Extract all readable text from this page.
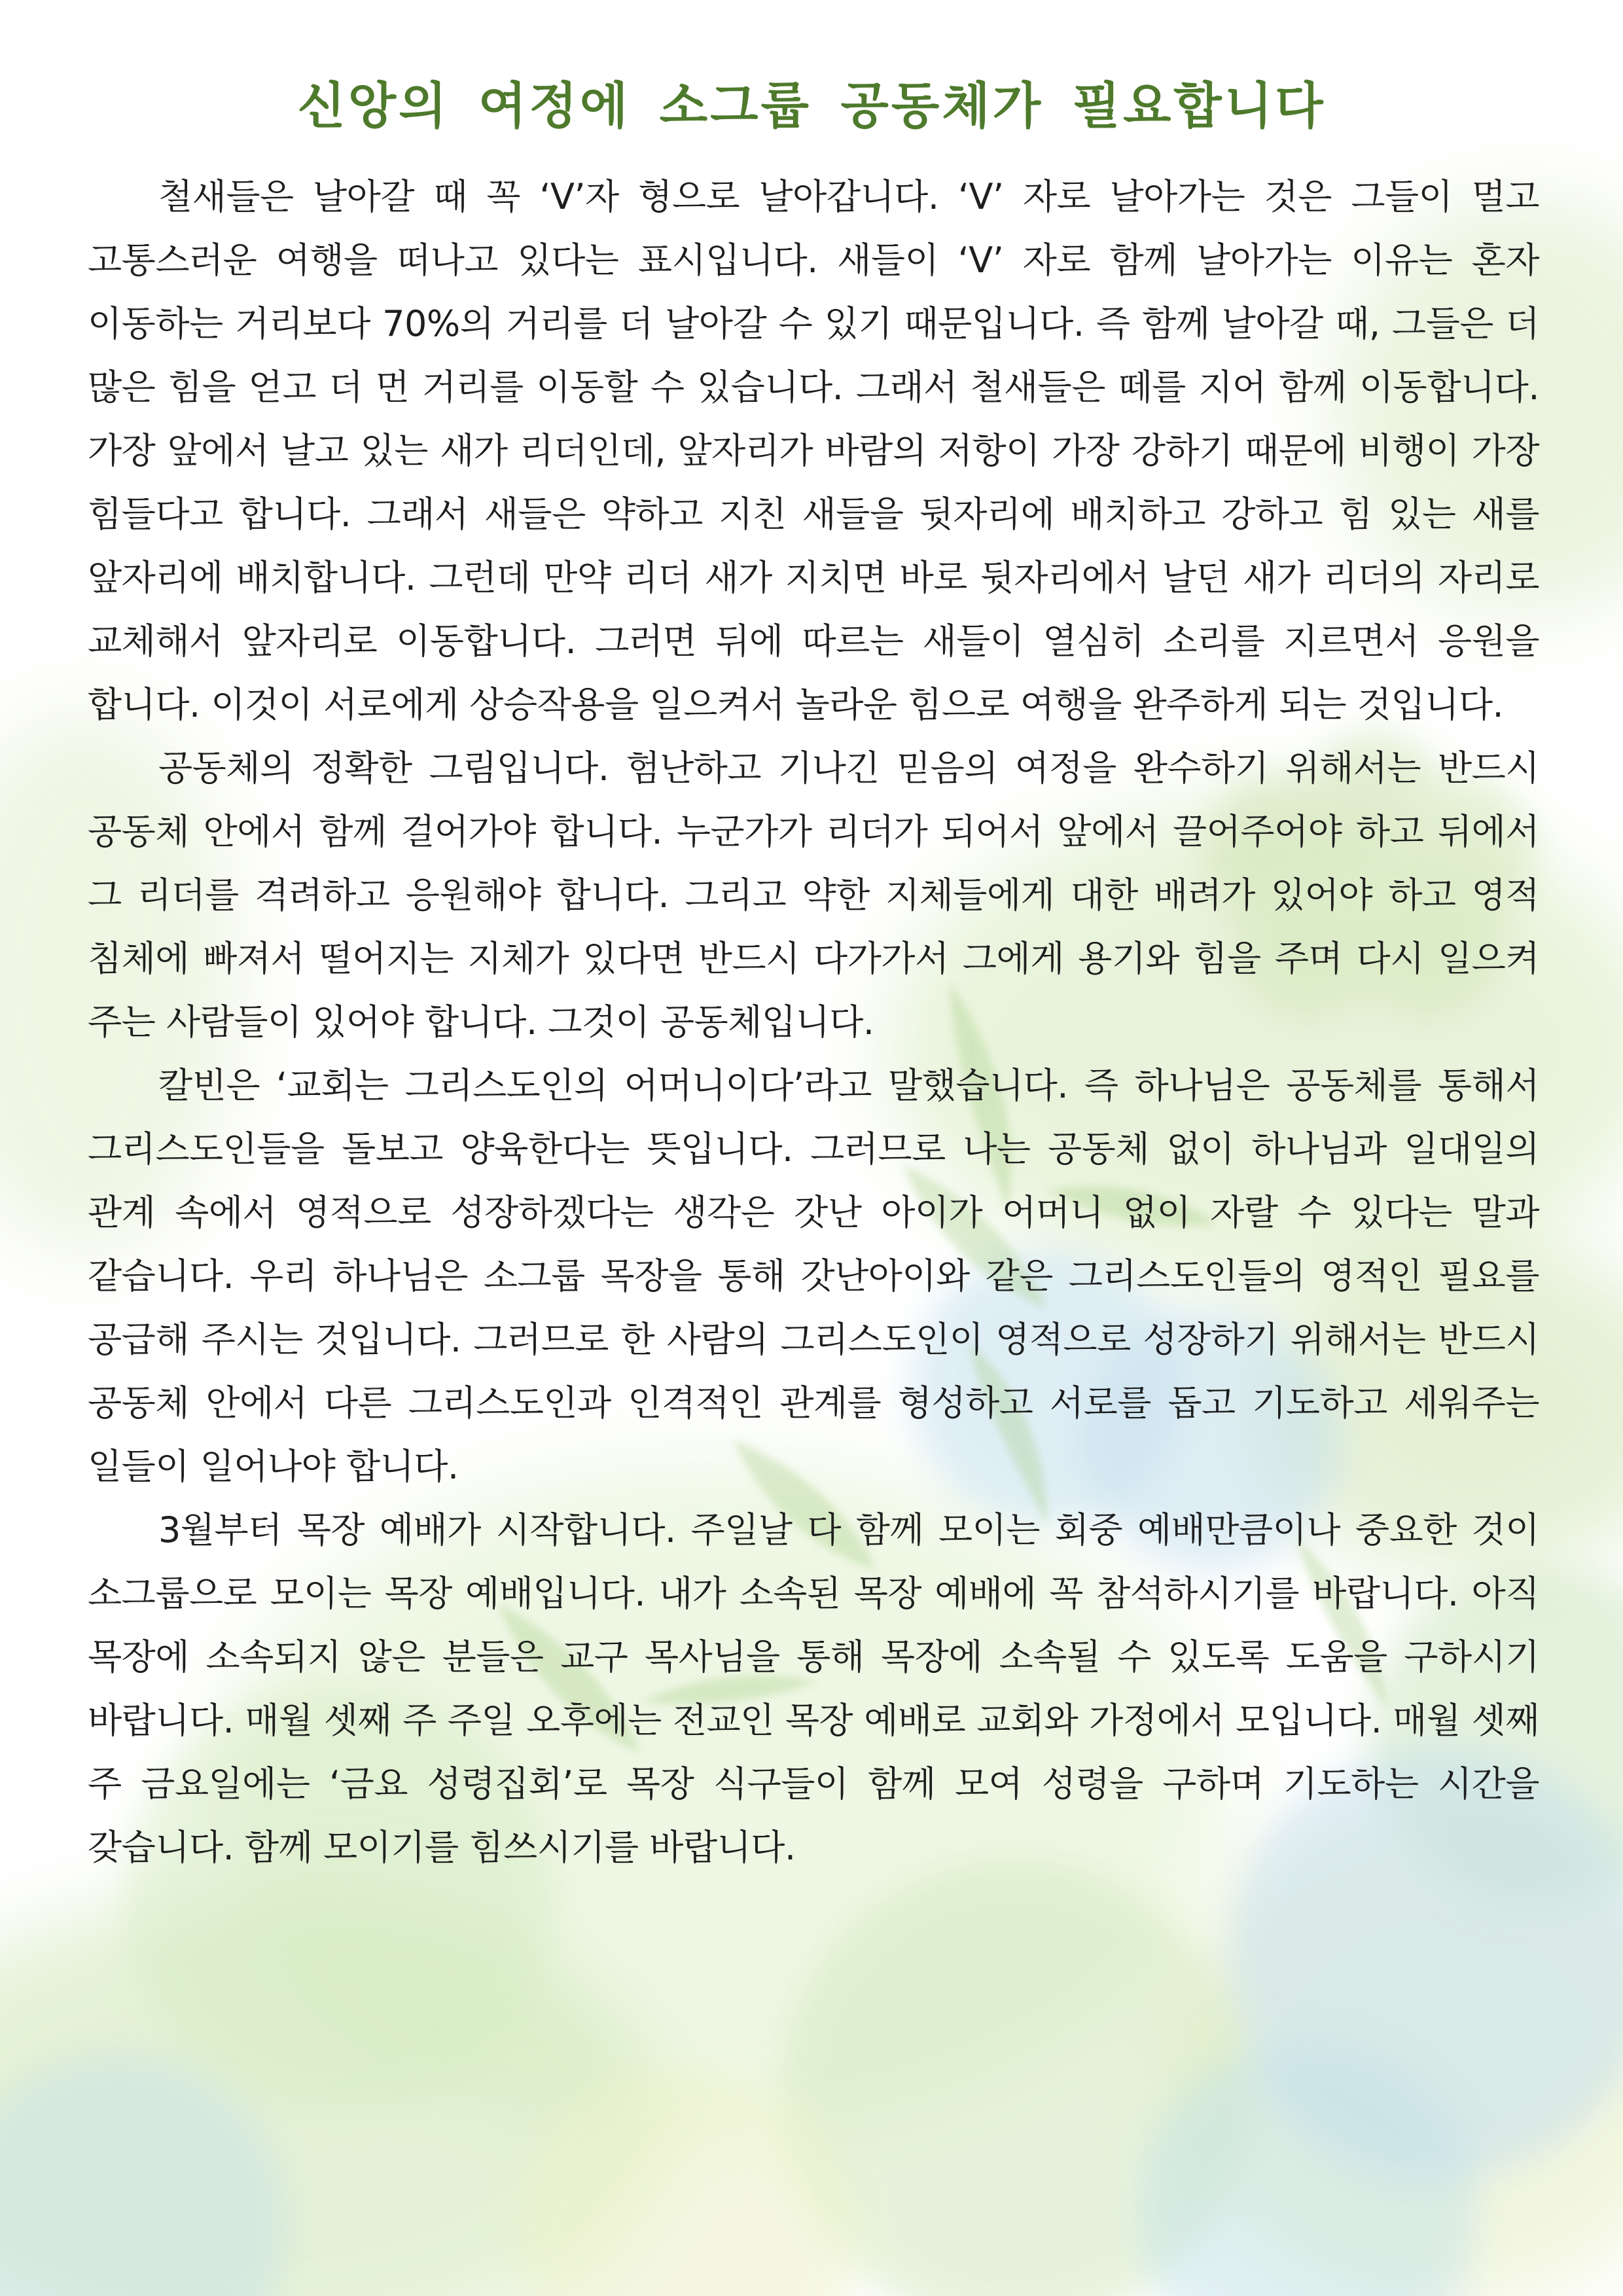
신앙의 여정에 소그룹 공동체가 필요합니다

철새들은 날아갈 때 꼭 ‘V’자 형으로 날아갑니다. ‘V’ 자로 날아가는 것은 그들이 멀고 고통스러운 여행을 떠나고 있다는 표시입니다. 새들이 ‘V’ 자로 함께 날아가는 이유는 혼자 이동하는 거리보다 70%의 거리를 더 날아갈 수 있기 때문입니다. 즉 함께 날아갈 때, 그들은 더 많은 힘을 얻고 더 먼 거리를 이동할 수 있습니다. 그래서 철새들은 떼를 지어 함께 이동합니다. 가장 앞에서 날고 있는 새가 리더인데, 앞자리가 바람의 저항이 가장 강하기 때문에 비행이 가장 힘들다고 합니다. 그래서 새들은 약하고 지친 새들을 뒷자리에 배치하고 강하고 힘 있는 새를 앞자리에 배치합니다. 그런데 만약 리더 새가 지치면 바로 뒷자리에서 날던 새가 리더의 자리로 교체해서 앞자리로 이동합니다. 그러면 뒤에 따르는 새들이 열심히 소리를 지르면서 응원을 합니다. 이것이 서로에게 상승작용을 일으켜서 놀라운 힘으로 여행을 완주하게 되는 것입니다.

공동체의 정확한 그림입니다. 험난하고 기나긴 믿음의 여정을 완수하기 위해서는 반드시 공동체 안에서 함께 걸어가야 합니다. 누군가가 리더가 되어서 앞에서 끌어주어야 하고 뒤에서 그 리더를 격려하고 응원해야 합니다. 그리고 약한 지체들에게 대한 배려가 있어야 하고 영적 침체에 빠져서 떨어지는 지체가 있다면 반드시 다가가서 그에게 용기와 힘을 주며 다시 일으켜 주는 사람들이 있어야 합니다. 그것이 공동체입니다.

칼빈은 ‘교회는 그리스도인의 어머니이다’라고 말했습니다. 즉 하나님은 공동체를 통해서 그리스도인들을 돌보고 양육한다는 뜻입니다. 그러므로 나는 공동체 없이 하나님과 일대일의 관계 속에서 영적으로 성장하겠다는 생각은 갓난 아이가 어머니 없이 자랄 수 있다는 말과 같습니다. 우리 하나님은 소그룹 목장을 통해 갓난아이와 같은 그리스도인들의 영적인 필요를 공급해 주시는 것입니다. 그러므로 한 사람의 그리스도인이 영적으로 성장하기 위해서는 반드시 공동체 안에서 다른 그리스도인과 인격적인 관계를 형성하고 서로를 돕고 기도하고 세워주는 일들이 일어나야 합니다.

3월부터 목장 예배가 시작합니다. 주일날 다 함께 모이는 회중 예배만큼이나 중요한 것이 소그룹으로 모이는 목장 예배입니다. 내가 소속된 목장 예배에 꼭 참석하시기를 바랍니다. 아직 목장에 소속되지 않은 분들은 교구 목사님을 통해 목장에 소속될 수 있도록 도움을 구하시기 바랍니다. 매월 셋째 주 주일 오후에는 전교인 목장 예배로 교회와 가정에서 모입니다. 매월 셋째 주 금요일에는 ‘금요 성령집회’로 목장 식구들이 함께 모여 성령을 구하며 기도하는 시간을 갖습니다. 함께 모이기를 힘쓰시기를 바랍니다.
